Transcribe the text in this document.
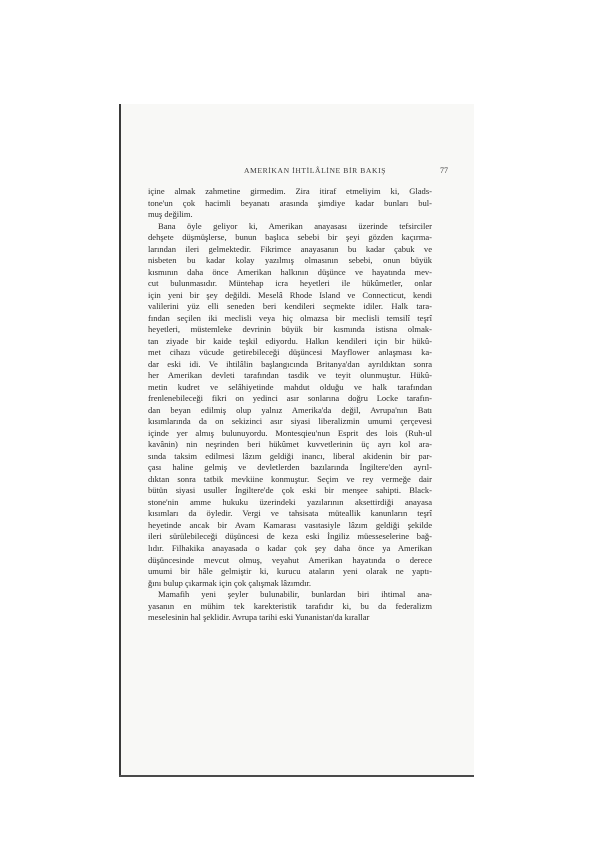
AMERİKAN İHTİLÂLİNE BİR BAKIŞ	77
içine almak zahmetine girmedim. Zira itiraf etmeliyim ki, Glads-
tone'un çok hacimli beyanatı arasında şimdiye kadar bunları bul-
muş değilim.
Bana öyle geliyor ki, Amerikan anayasası üzerinde tefsirciler
dehşete düşmüşlerse, bunun başlıca sebebi bir şeyi gözden kaçırma-
larından ileri gelmektedir. Fikrimce anayasanın bu kadar çabuk ve
nisbeten bu kadar kolay yazılmış olmasının sebebi, onun büyük
kısmının daha önce Amerikan halkının düşünce ve hayatında mev-
cut bulunmasıdır. Müntehap icra heyetleri ile hükûmetler, onlar
için yeni bir şey değildi. Meselâ Rhode Island ve Connecticut, kendi
valilerini yüz elli seneden beri kendileri seçmekte idiler. Halk tara-
fından seçilen iki meclisli veya hiç olmazsa bir meclisli temsilî teşrî
heyetleri, müstemleke devrinin büyük bir kısmında istisna olmak-
tan ziyade bir kaide teşkil ediyordu. Halkın kendileri için bir hükû-
met cihazı vücude getirebileceği düşüncesi Mayflower anlaşması ka-
dar eski idi. Ve ihtilâlin başlangıcında Britanya'dan ayrıldıktan sonra
her Amerikan devleti tarafından tasdik ve teyit olunmuştur. Hükû-
metin kudret ve selâhiyetinde mahdut olduğu ve halk tarafından
frenlenebileceği fikri on yedinci asır sonlarına doğru Locke tarafın-
dan beyan edilmiş olup yalnız Amerika'da değil, Avrupa'nın Batı
kısımlarında da on sekizinci asır siyasi liberalizmin umumi çerçevesi
içinde yer almış bulunuyordu. Montesqieu'nun Esprit des lois (Ruh-ul
kavânin) nin neşrinden beri hükûmet kuvvetlerinin üç ayrı kol ara-
sında taksim edilmesi lâzım geldiği inancı, liberal akidenin bir par-
çası haline gelmiş ve devletlerden bazılarında İngiltere'den ayrıl-
dıktan sonra tatbik mevkiine konmuştur. Seçim ve rey vermeğe dair
bütün siyasi usuller İngiltere'de çok eski bir menşee sahipti. Black-
stone'nin amme hukuku üzerindeki yazılarının aksettirdiği anayasa
kısımları da öyledir. Vergi ve tahsisata müteallik kanunların teşrî
heyetinde ancak bir Avam Kamarası vasıtasiyle lâzım geldiği şekilde
ileri sürülebileceği düşüncesi de keza eski İngiliz müesseselerine bağ-
lıdır. Filhakika anayasada o kadar çok şey daha önce ya Amerikan
düşüncesinde mevcut olmuş, veyahut Amerikan hayatında o derece
umumi bir hâle gelmiştir ki, kurucu ataların yeni olarak ne yaptı-
ğını bulup çıkarmak için çok çalışmak lâzımdır.
Mamafih yeni şeyler bulunabilir, bunlardan biri ihtimal ana-
yasanın en mühim tek karekteristik tarafıdır ki, bu da federalizm
meselesinin hal şeklidir. Avrupa tarihi eski Yunanistan'da kırallar
